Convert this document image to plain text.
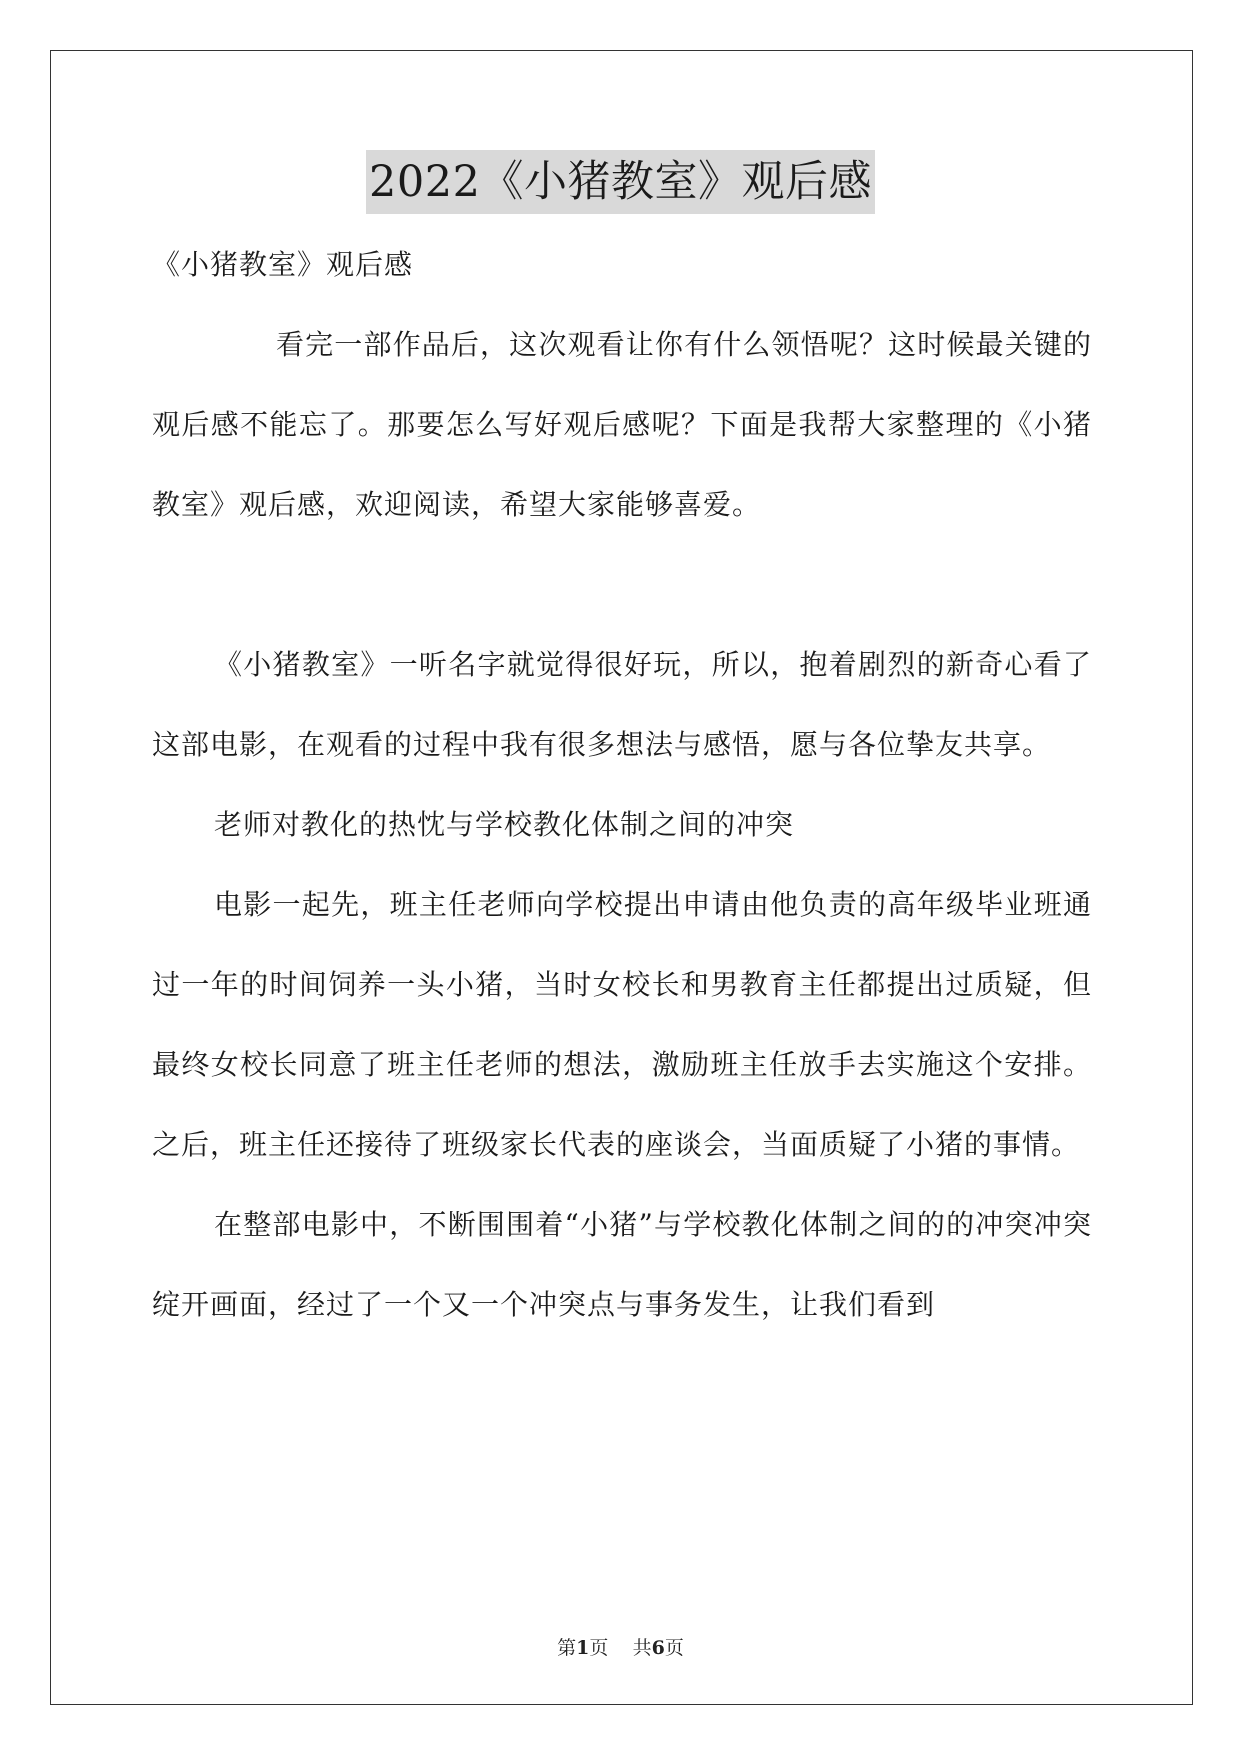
2022《小猪教室》观后感

《小猪教室》观后感

看完一部作品后，这次观看让你有什么领悟呢？这时候最关键的观后感不能忘了。那要怎么写好观后感呢？下面是我帮大家整理的《小猪教室》观后感，欢迎阅读，希望大家能够喜爱。

《小猪教室》一听名字就觉得很好玩，所以，抱着剧烈的新奇心看了这部电影，在观看的过程中我有很多想法与感悟，愿与各位挚友共享。

老师对教化的热忱与学校教化体制之间的冲突

电影一起先，班主任老师向学校提出申请由他负责的高年级毕业班通过一年的时间饲养一头小猪，当时女校长和男教育主任都提出过质疑，但最终女校长同意了班主任老师的想法，激励班主任放手去实施这个安排。之后，班主任还接待了班级家长代表的座谈会，当面质疑了小猪的事情。

在整部电影中，不断围围着“小猪”与学校教化体制之间的的冲突冲突绽开画面，经过了一个又一个冲突点与事务发生，让我们看到

第1页 共6页
